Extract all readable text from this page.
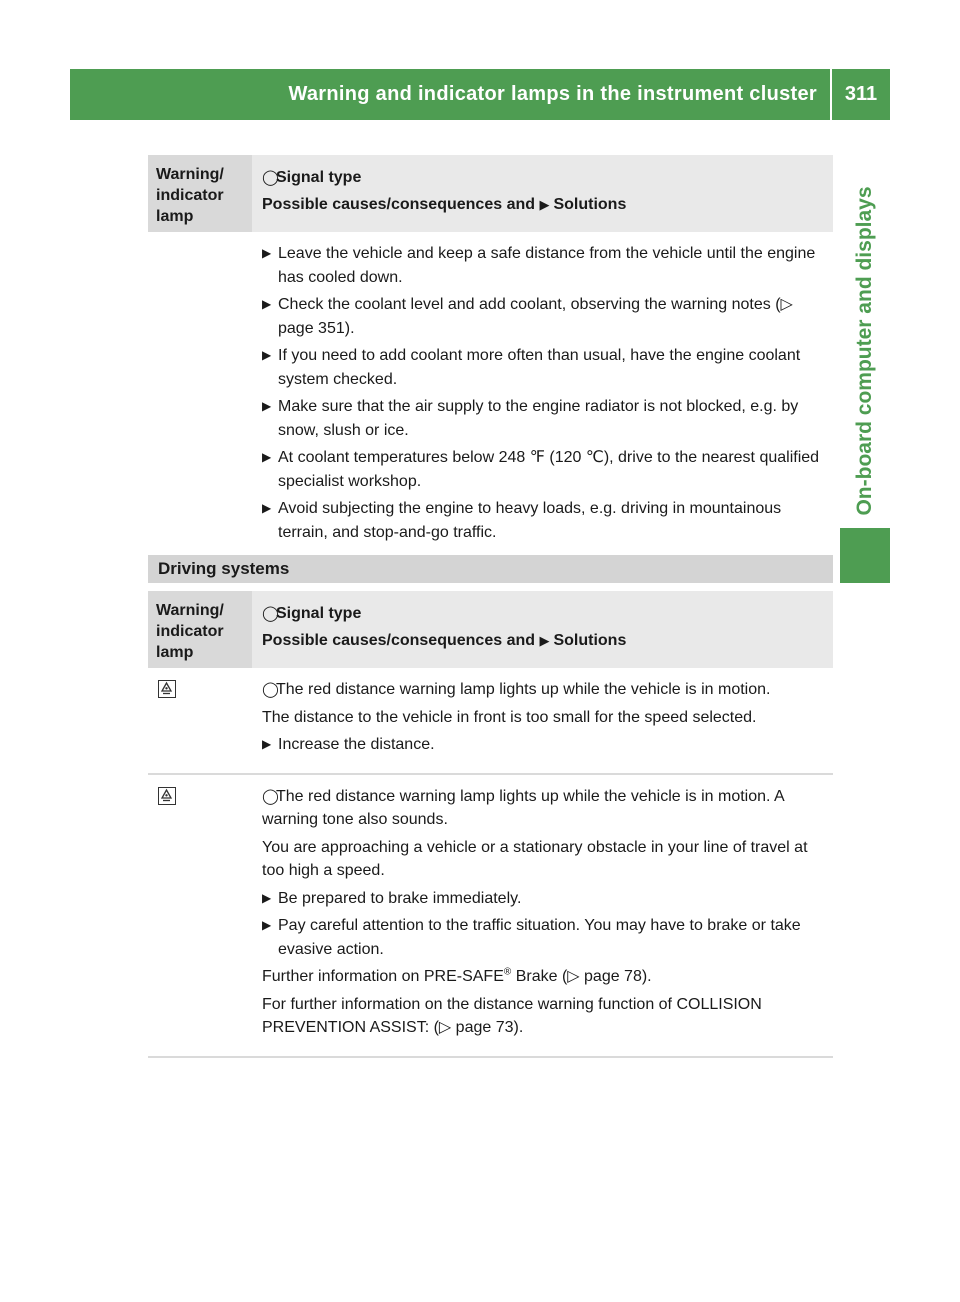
Warning and indicator lamps in the instrument cluster	311
On-board computer and displays
Warning/ indicator lamp
◯Signal type
Possible causes/consequences and ▶ Solutions
▶ Leave the vehicle and keep a safe distance from the vehicle until the engine has cooled down.
▶ Check the coolant level and add coolant, observing the warning notes (▷ page 351).
▶ If you need to add coolant more often than usual, have the engine coolant system checked.
▶ Make sure that the air supply to the engine radiator is not blocked, e.g. by snow, slush or ice.
▶ At coolant temperatures below 248 ℉ (120 ℃), drive to the nearest qualified specialist workshop.
▶ Avoid subjecting the engine to heavy loads, e.g. driving in mountainous terrain, and stop-and-go traffic.
Driving systems
Warning/ indicator lamp
◯Signal type
Possible causes/consequences and ▶ Solutions
◯The red distance warning lamp lights up while the vehicle is in motion.
The distance to the vehicle in front is too small for the speed selected.
▶ Increase the distance.
◯The red distance warning lamp lights up while the vehicle is in motion. A warning tone also sounds.
You are approaching a vehicle or a stationary obstacle in your line of travel at too high a speed.
▶ Be prepared to brake immediately.
▶ Pay careful attention to the traffic situation. You may have to brake or take evasive action.
Further information on PRE-SAFE® Brake (▷ page 78).
For further information on the distance warning function of COLLISION PREVENTION ASSIST: (▷ page 73).
